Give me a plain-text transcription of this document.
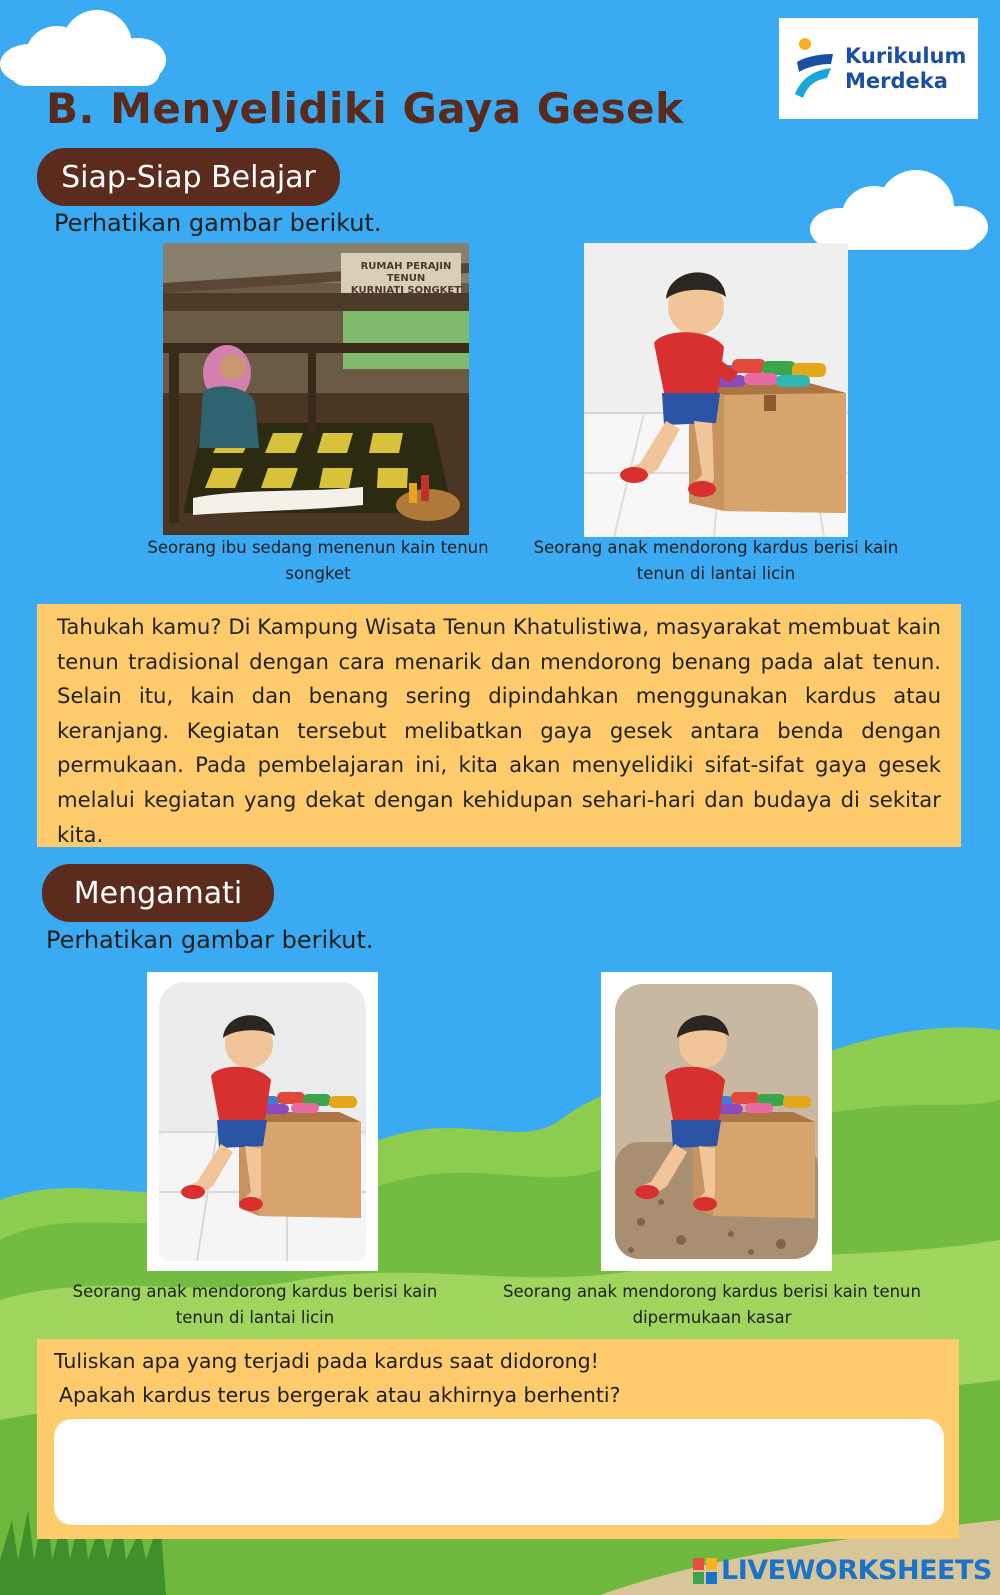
Kurikulum
Merdeka
B. Menyelidiki Gaya Gesek
Siap-Siap Belajar
Perhatikan gambar berikut.
RUMAH PERAJIN TENUN
KURNIATI SONGKET
Seorang ibu sedang menenun kain tenun
songket
Seorang anak mendorong kardus berisi kain
tenun di lantai licin

Tahukah kamu? Di Kampung Wisata Tenun Khatulistiwa, masyarakat membuat kain tenun tradisional dengan cara menarik dan mendorong benang pada alat tenun. Selain itu, kain dan benang sering dipindahkan menggunakan kardus atau keranjang. Kegiatan tersebut melibatkan gaya gesek antara benda dengan permukaan. Pada pembelajaran ini, kita akan menyelidiki sifat-sifat gaya gesek melalui kegiatan yang dekat dengan kehidupan sehari-hari dan budaya di sekitar kita.

Mengamati
Perhatikan gambar berikut.
Seorang anak mendorong kardus berisi kain
tenun di lantai licin
Seorang anak mendorong kardus berisi kain tenun
dipermukaan kasar
Tuliskan apa yang terjadi pada kardus saat didorong!
Apakah kardus terus bergerak atau akhirnya berhenti?
LIVEWORKSHEETS
